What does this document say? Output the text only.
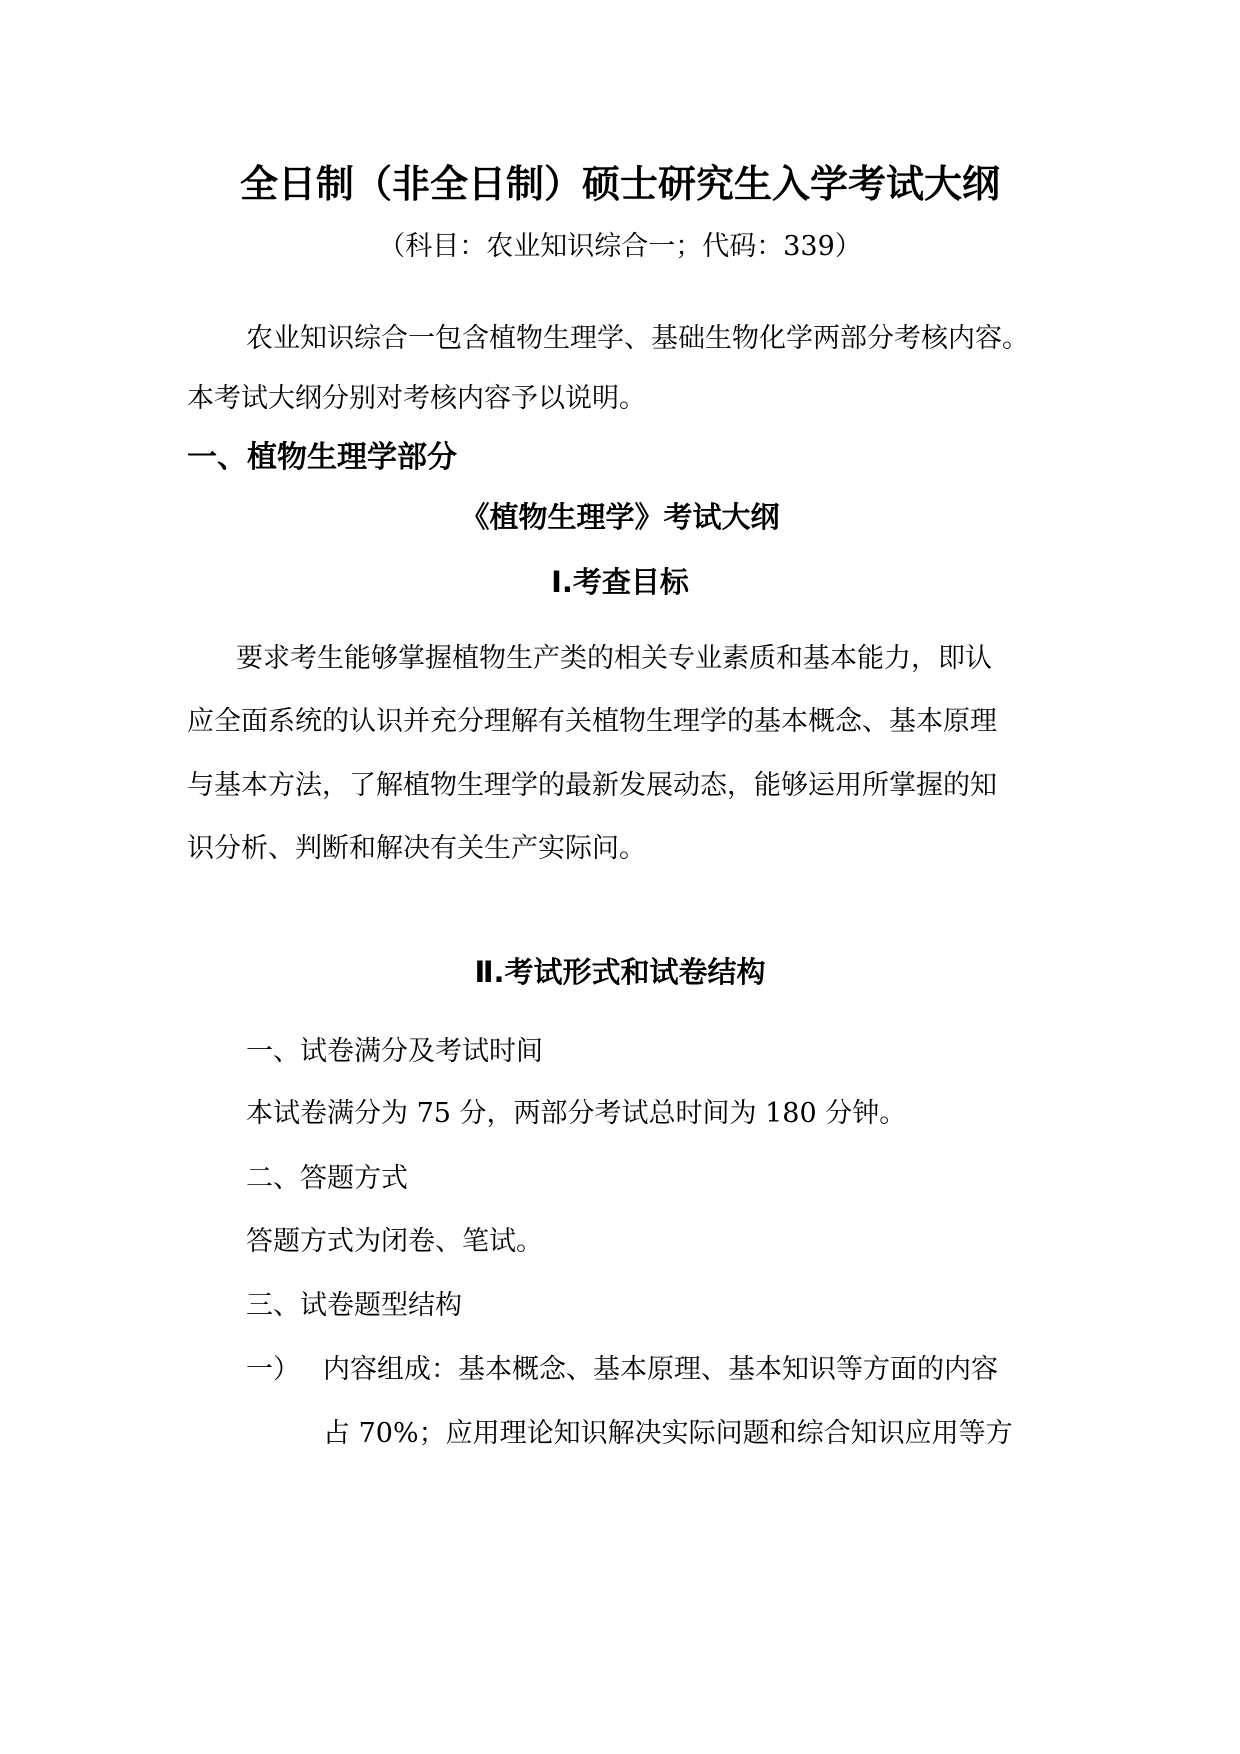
全日制（非全日制）硕士研究生入学考试大纲
（科目：农业知识综合一；代码：339）
农业知识综合一包含植物生理学、基础生物化学两部分考核内容。
本考试大纲分别对考核内容予以说明。
一、植物生理学部分
《植物生理学》考试大纲
Ⅰ.考查目标
要求考生能够掌握植物生产类的相关专业素质和基本能力，即认
应全面系统的认识并充分理解有关植物生理学的基本概念、基本原理
与基本方法，了解植物生理学的最新发展动态，能够运用所掌握的知
识分析、判断和解决有关生产实际问。
Ⅱ.考试形式和试卷结构
一、试卷满分及考试时间
本试卷满分为 75 分，两部分考试总时间为 180 分钟。
二、答题方式
答题方式为闭卷、笔试。
三、试卷题型结构
一） 内容组成：基本概念、基本原理、基本知识等方面的内容
占 70%；应用理论知识解决实际问题和综合知识应用等方
